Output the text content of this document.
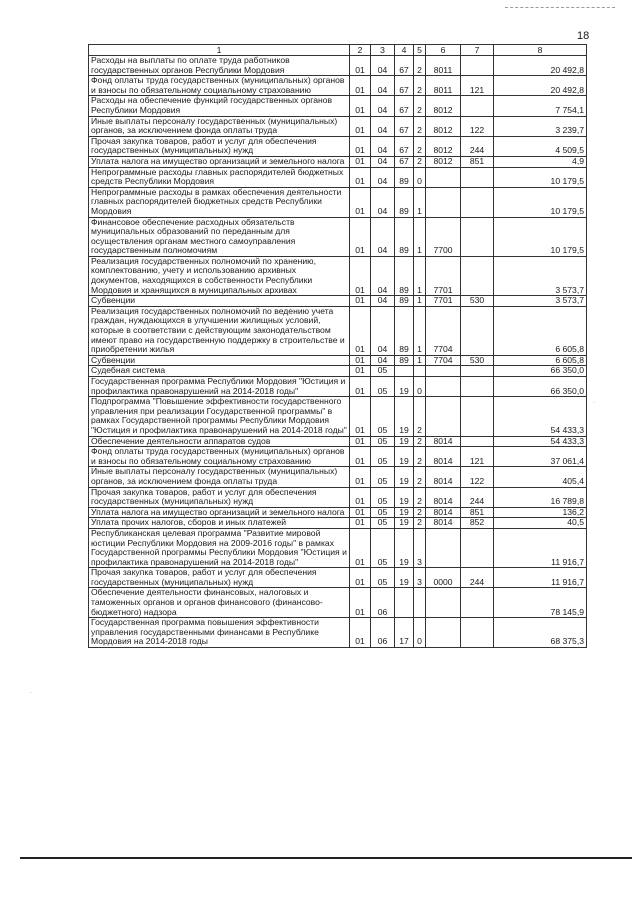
18
1	2	3	4	5	6	7	8
Расходы на выплаты по оплате труда работников государственных органов Республики Мордовия	01	04	67	2	8011		20 492,8
Фонд оплаты труда государственных (муниципальных) органов и взносы по обязательному социальному страхованию	01	04	67	2	8011	121	20 492,8
Расходы на обеспечение функций государственных органов Республики Мордовия	01	04	67	2	8012		7 754,1
Иные выплаты персоналу государственных (муниципальных) органов, за исключением фонда оплаты труда	01	04	67	2	8012	122	3 239,7
Прочая закупка товаров, работ и услуг для обеспечения государственных (муниципальных) нужд	01	04	67	2	8012	244	4 509,5
Уплата налога на имущество организаций и земельного налога	01	04	67	2	8012	851	4,9
Непрограммные расходы главных распорядителей бюджетных средств Республики Мордовия	01	04	89	0			10 179,5
Непрограммные расходы в рамках обеспечения деятельности главных распорядителей бюджетных средств Республики Мордовия	01	04	89	1			10 179,5
Финансовое обеспечение расходных обязательств муниципальных образований по переданным для осуществления органам местного самоуправления государственным полномочиям	01	04	89	1	7700		10 179,5
Реализация государственных полномочий по хранению, комплектованию, учету и использованию архивных документов, находящихся в собственности Республики Мордовия и хранящихся в муниципальных архивах	01	04	89	1	7701		3 573,7
Субвенции	01	04	89	1	7701	530	3 573,7
Реализация государственных полномочий по ведению учета граждан, нуждающихся в улучшении жилищных условий, которые в соответствии с действующим законодательством имеют право на государственную поддержку в строительстве и приобретении жилья	01	04	89	1	7704		6 605,8
Субвенции	01	04	89	1	7704	530	6 605,8
Судебная система	01	05					66 350,0
Государственная программа Республики Мордовия "Юстиция и профилактика правонарушений на 2014-2018 годы"	01	05	19	0			66 350,0
Подпрограмма "Повышение эффективности государственного управления при реализации Государственной программы" в рамках Государственной программы Республики Мордовия "Юстиция и профилактика правонарушений на 2014-2018 годы"	01	05	19	2			54 433,3
Обеспечение деятельности аппаратов судов	01	05	19	2	8014		54 433,3
Фонд оплаты труда государственных (муниципальных) органов и взносы по обязательному социальному страхованию	01	05	19	2	8014	121	37 061,4
Иные выплаты персоналу государственных (муниципальных) органов, за исключением фонда оплаты труда	01	05	19	2	8014	122	405,4
Прочая закупка товаров, работ и услуг для обеспечения государственных (муниципальных) нужд	01	05	19	2	8014	244	16 789,8
Уплата налога на имущество организаций и земельного налога	01	05	19	2	8014	851	136,2
Уплата прочих налогов, сборов и иных платежей	01	05	19	2	8014	852	40,5
Республиканская целевая программа "Развитие мировой юстиции Республики Мордовия на 2009-2016 годы" в рамках Государственной программы Республики Мордовия "Юстиция и профилактика правонарушений на 2014-2018 годы"	01	05	19	3			11 916,7
Прочая закупка товаров, работ и услуг для обеспечения государственных (муниципальных) нужд	01	05	19	3	0000	244	11 916,7
Обеспечение деятельности финансовых, налоговых и таможенных органов и органов финансового (финансово-бюджетного) надзора	01	06					78 145,9
Государственная программа повышения эффективности управления государственными финансами в Республике Мордовия на 2014-2018 годы	01	06	17	0			68 375,3
·
·
